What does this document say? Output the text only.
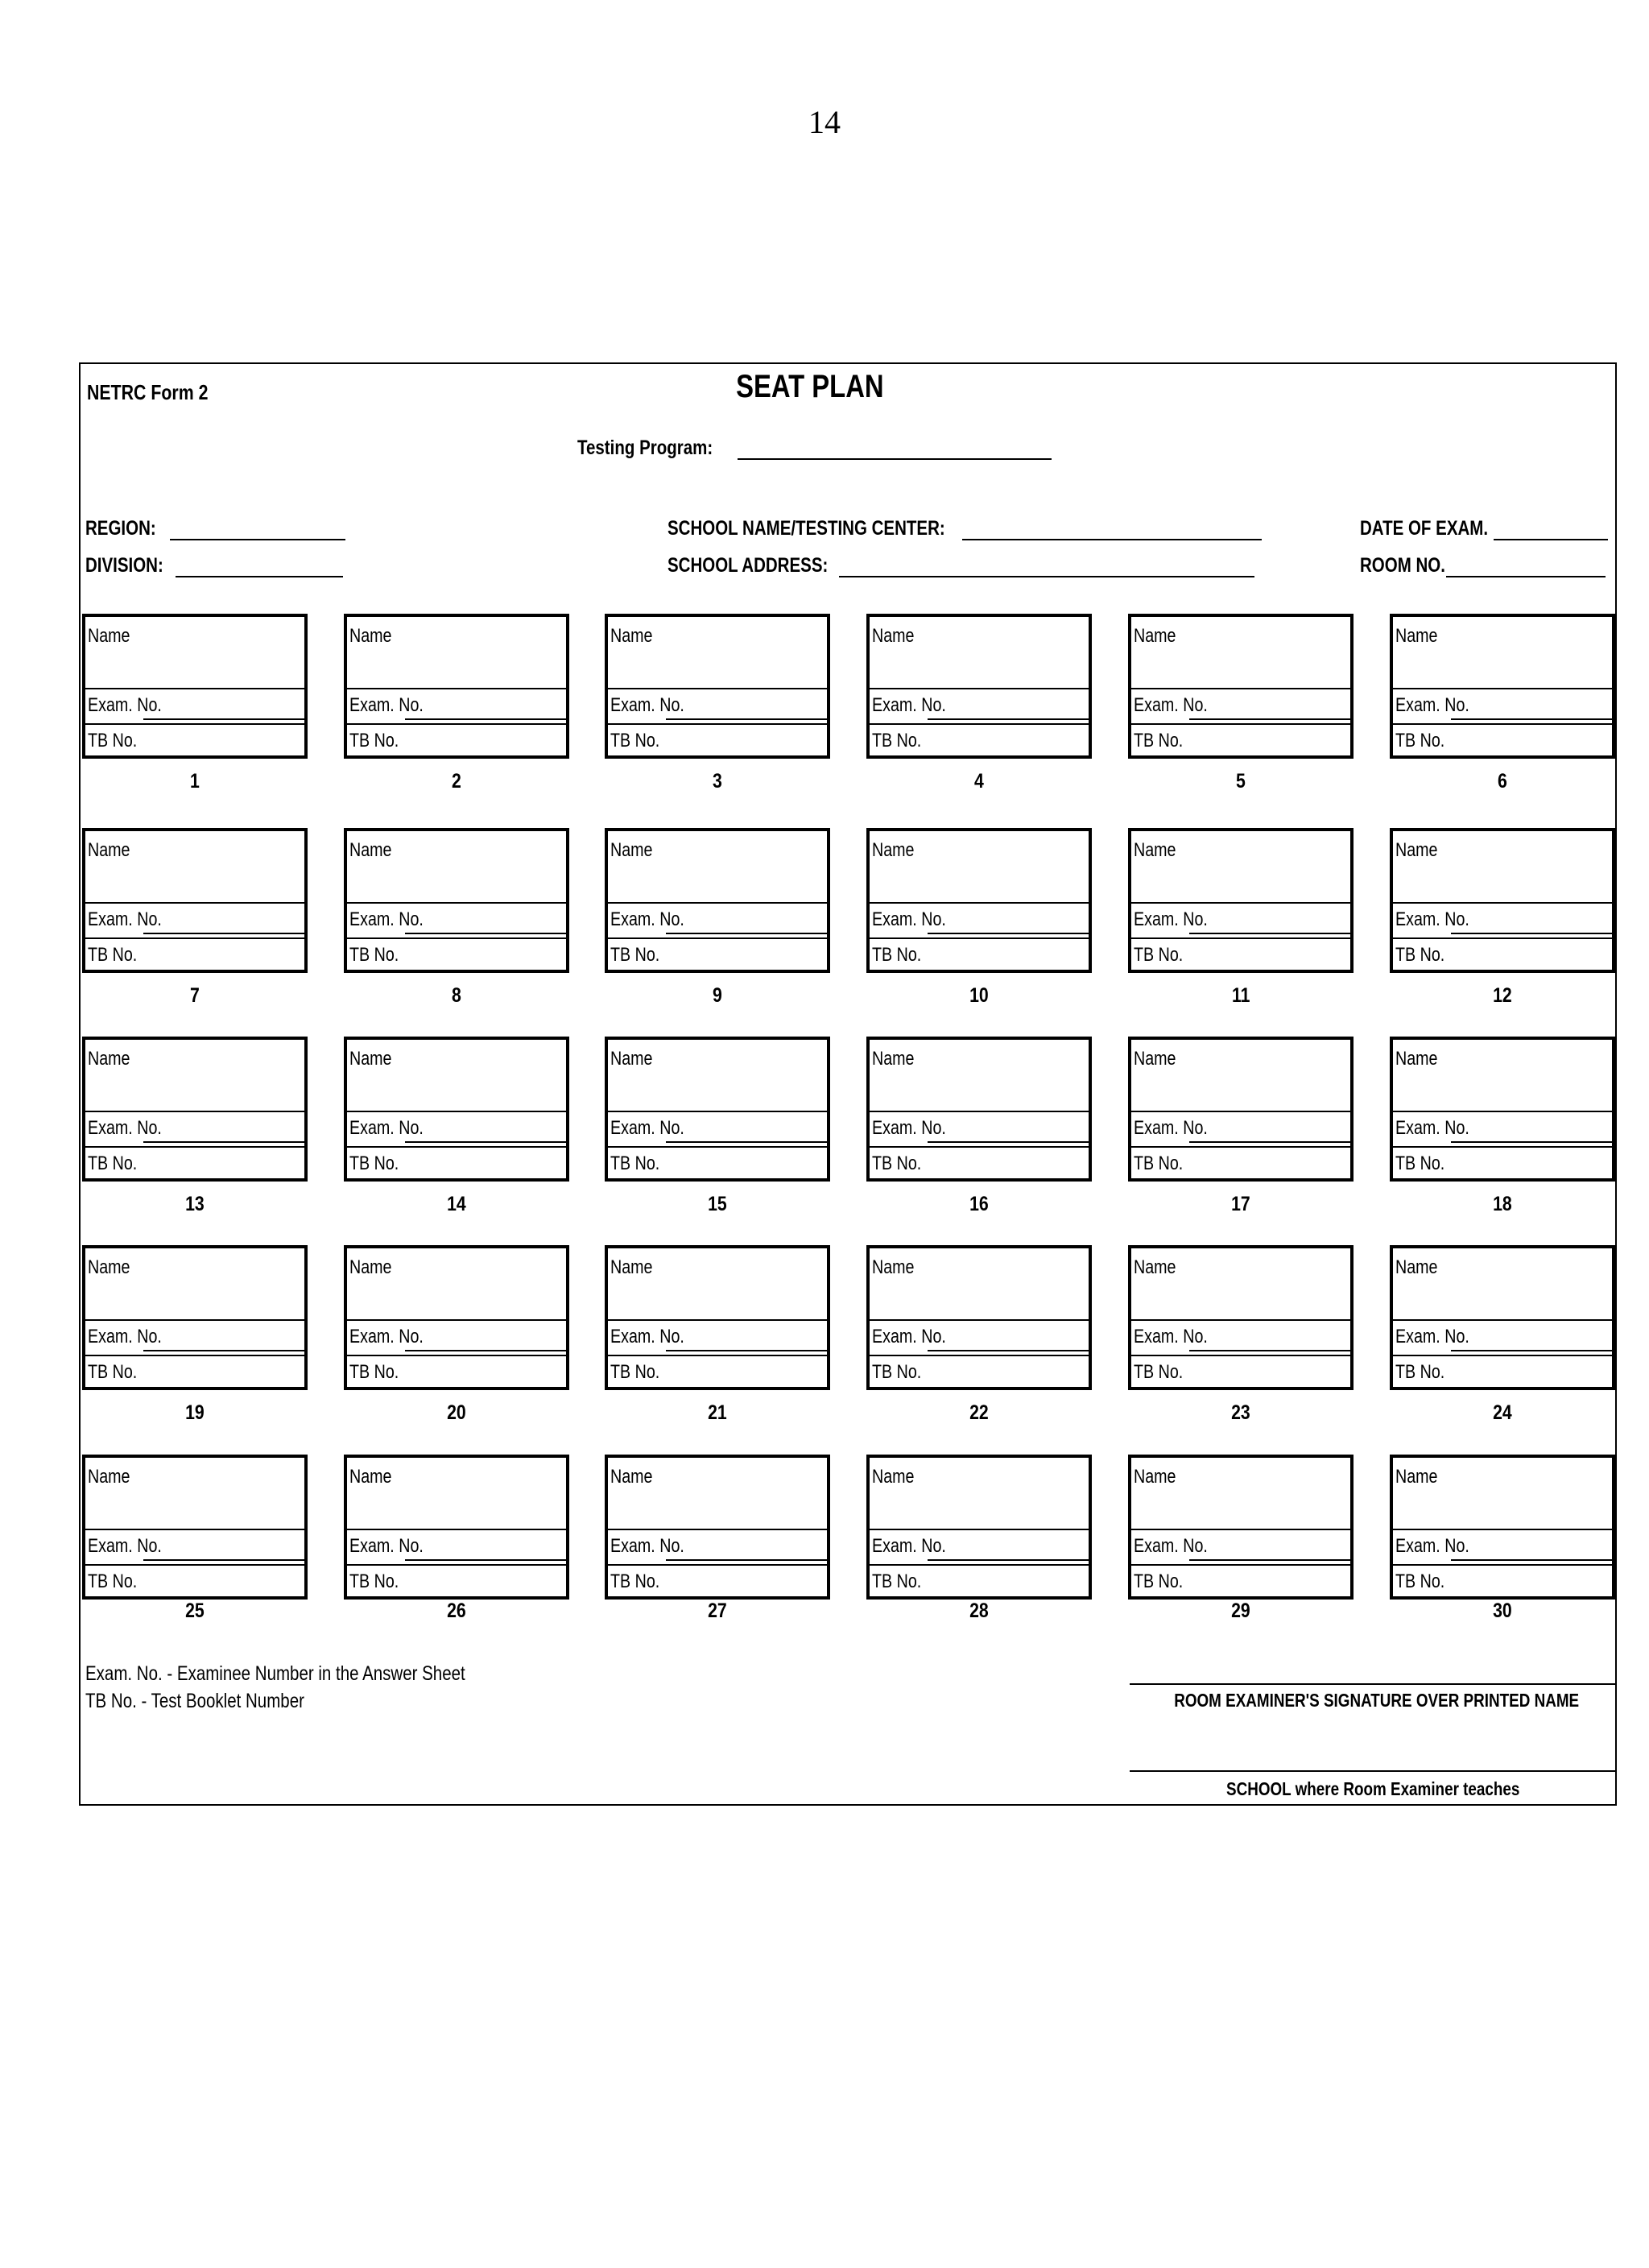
14
NETRC Form 2	SEAT PLAN
Testing Program:
REGION:
DIVISION:
SCHOOL NAME/TESTING CENTER:
SCHOOL ADDRESS:
DATE OF EXAM.
ROOM NO.
Name
Exam. No.
TB No.
1
Name
Exam. No.
TB No.
2
Name
Exam. No.
TB No.
3
Name
Exam. No.
TB No.
4
Name
Exam. No.
TB No.
5
Name
Exam. No.
TB No.
6
Name
Exam. No.
TB No.
7
Name
Exam. No.
TB No.
8
Name
Exam. No.
TB No.
9
Name
Exam. No.
TB No.
10
Name
Exam. No.
TB No.
11
Name
Exam. No.
TB No.
12
Name
Exam. No.
TB No.
13
Name
Exam. No.
TB No.
14
Name
Exam. No.
TB No.
15
Name
Exam. No.
TB No.
16
Name
Exam. No.
TB No.
17
Name
Exam. No.
TB No.
18
Name
Exam. No.
TB No.
19
Name
Exam. No.
TB No.
20
Name
Exam. No.
TB No.
21
Name
Exam. No.
TB No.
22
Name
Exam. No.
TB No.
23
Name
Exam. No.
TB No.
24
Name
Exam. No.
TB No.
25
Name
Exam. No.
TB No.
26
Name
Exam. No.
TB No.
27
Name
Exam. No.
TB No.
28
Name
Exam. No.
TB No.
29
Name
Exam. No.
TB No.
30
Exam. No. - Examinee Number in the Answer Sheet
TB No. - Test Booklet Number	ROOM EXAMINER'S SIGNATURE OVER PRINTED NAME
SCHOOL where Room Examiner teaches
